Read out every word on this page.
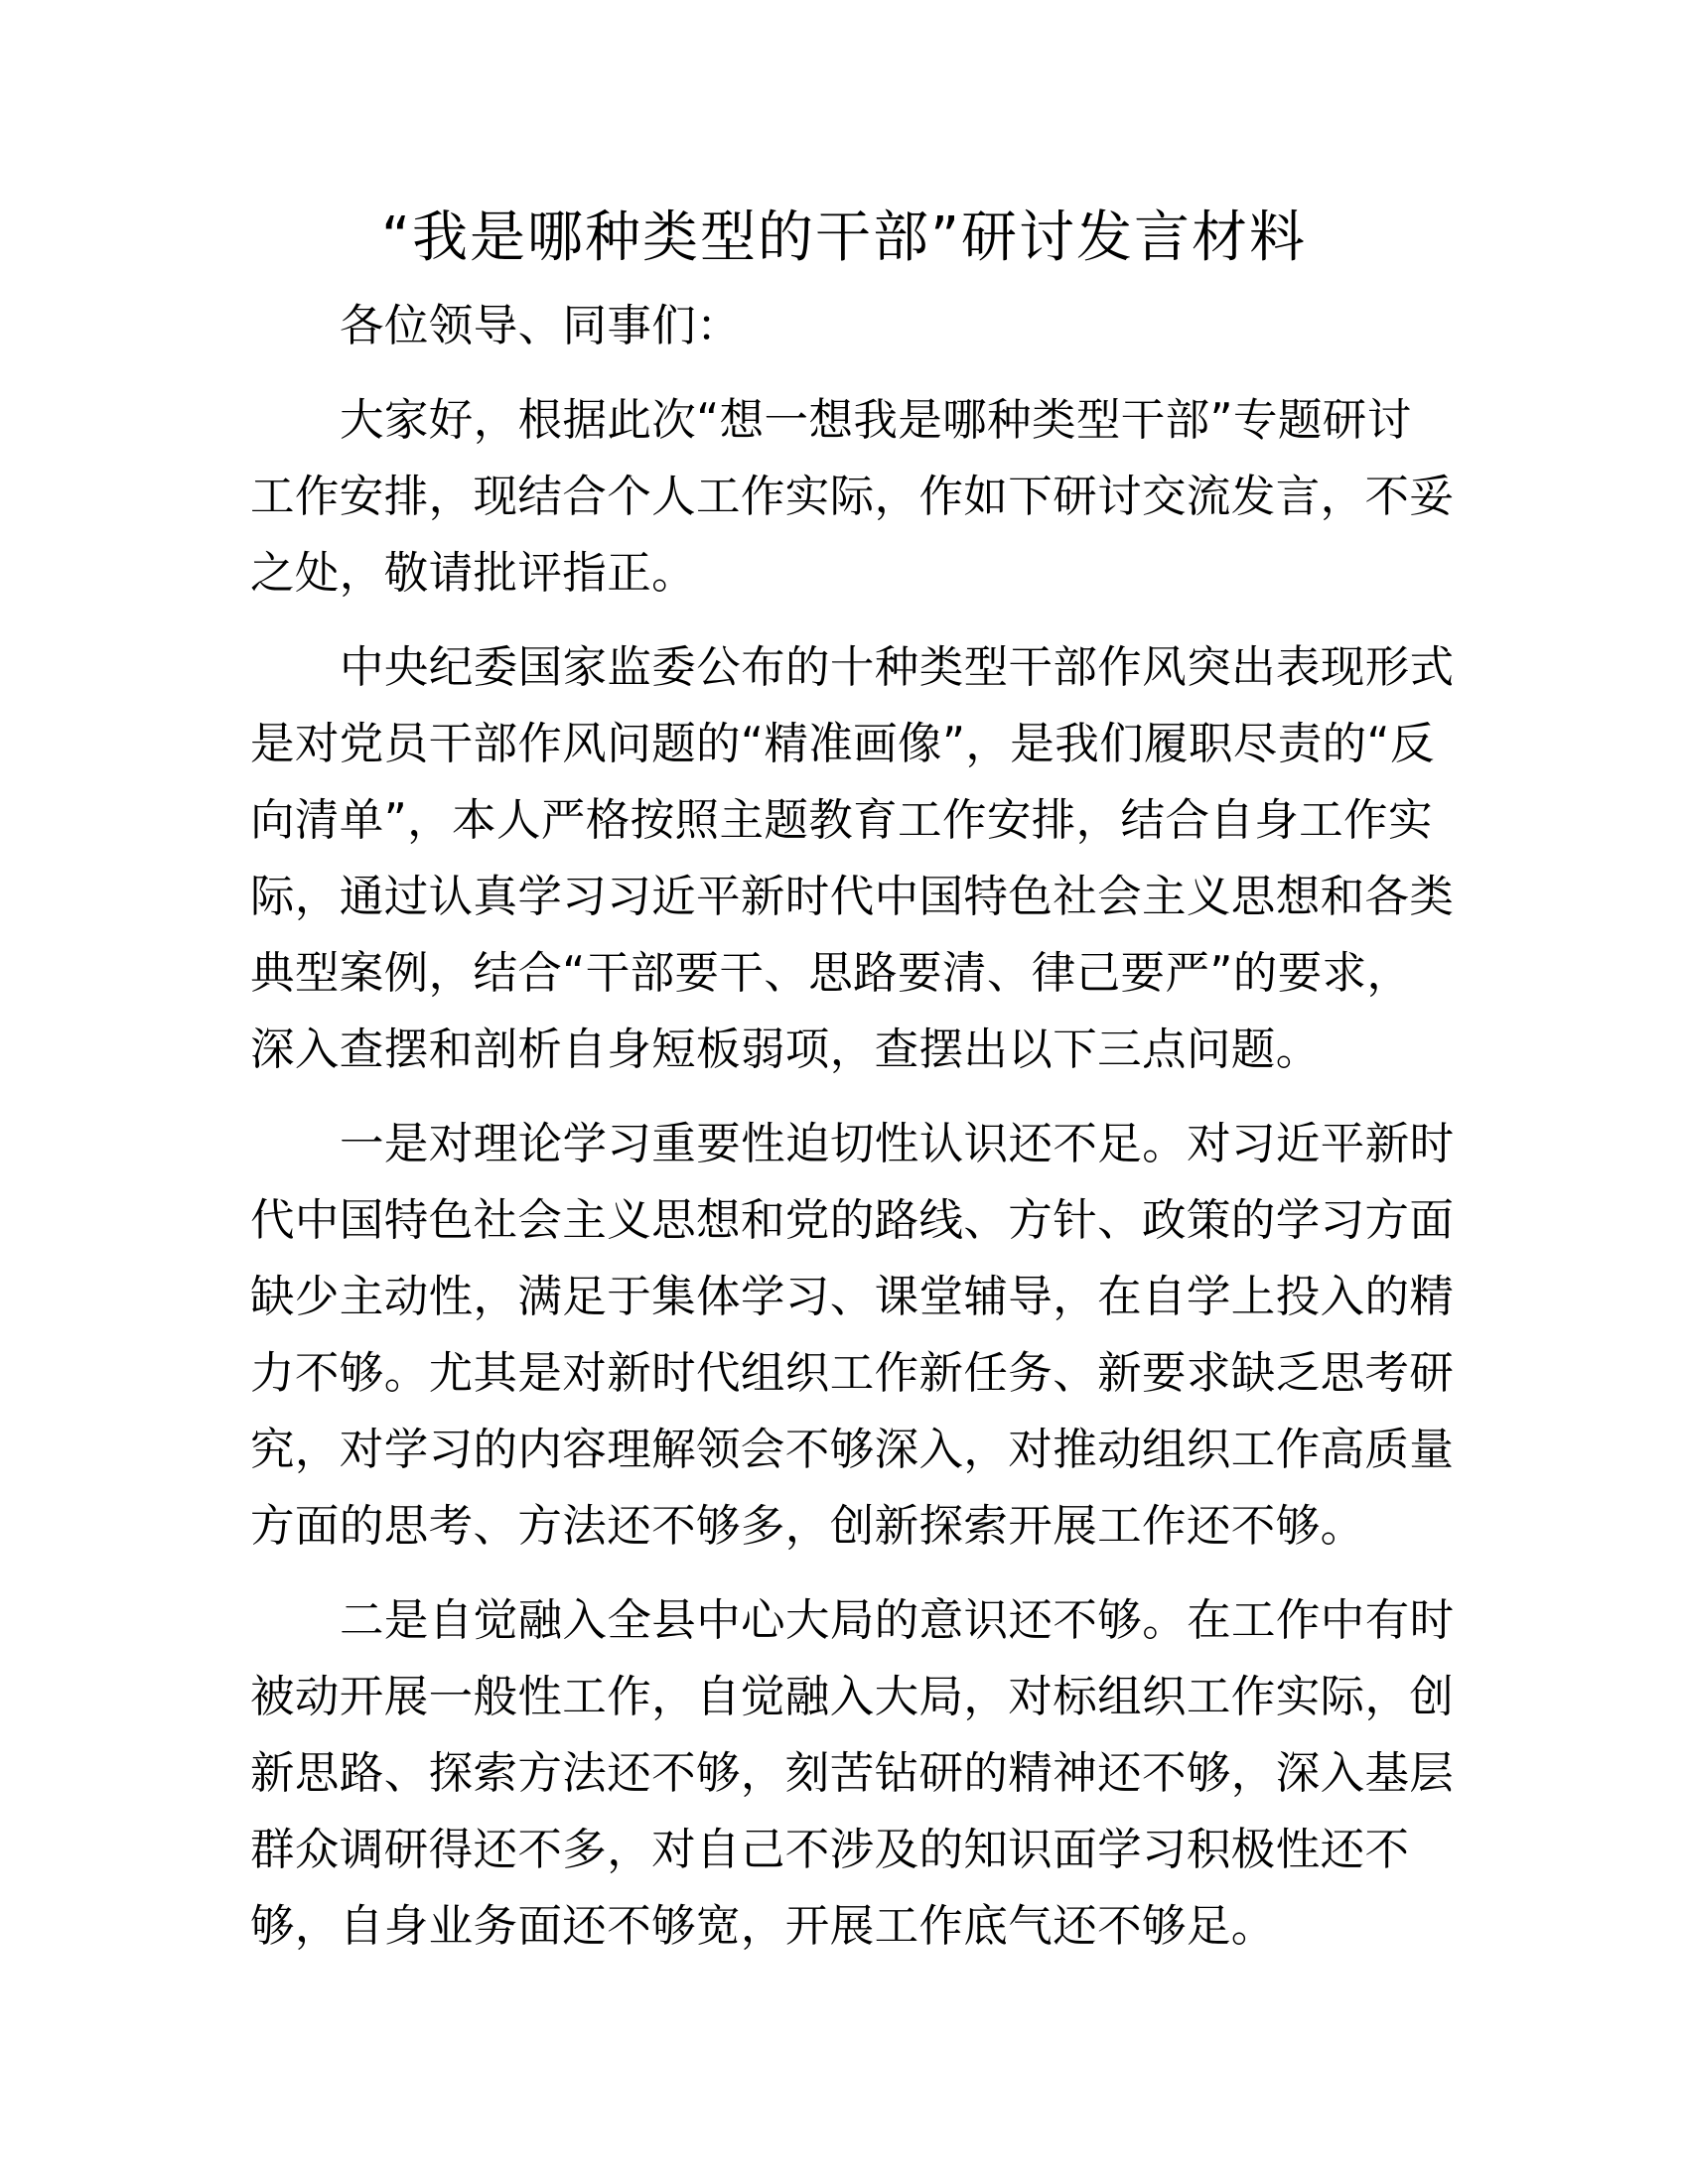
“我是哪种类型的干部”研讨发言材料
各位领导、同事们：
大家好，根据此次“想一想我是哪种类型干部”专题研讨
工作安排，现结合个人工作实际，作如下研讨交流发言，不妥
之处，敬请批评指正。
中央纪委国家监委公布的十种类型干部作风突出表现形式
是对党员干部作风问题的“精准画像”，是我们履职尽责的“反
向清单”，本人严格按照主题教育工作安排，结合自身工作实
际，通过认真学习习近平新时代中国特色社会主义思想和各类
典型案例，结合“干部要干、思路要清、律己要严”的要求，
深入查摆和剖析自身短板弱项，查摆出以下三点问题。
一是对理论学习重要性迫切性认识还不足。对习近平新时
代中国特色社会主义思想和党的路线、方针、政策的学习方面
缺少主动性，满足于集体学习、课堂辅导，在自学上投入的精
力不够。尤其是对新时代组织工作新任务、新要求缺乏思考研
究，对学习的内容理解领会不够深入，对推动组织工作高质量
方面的思考、方法还不够多，创新探索开展工作还不够。
二是自觉融入全县中心大局的意识还不够。在工作中有时
被动开展一般性工作，自觉融入大局，对标组织工作实际，创
新思路、探索方法还不够，刻苦钻研的精神还不够，深入基层
群众调研得还不多，对自己不涉及的知识面学习积极性还不
够，自身业务面还不够宽，开展工作底气还不够足。
